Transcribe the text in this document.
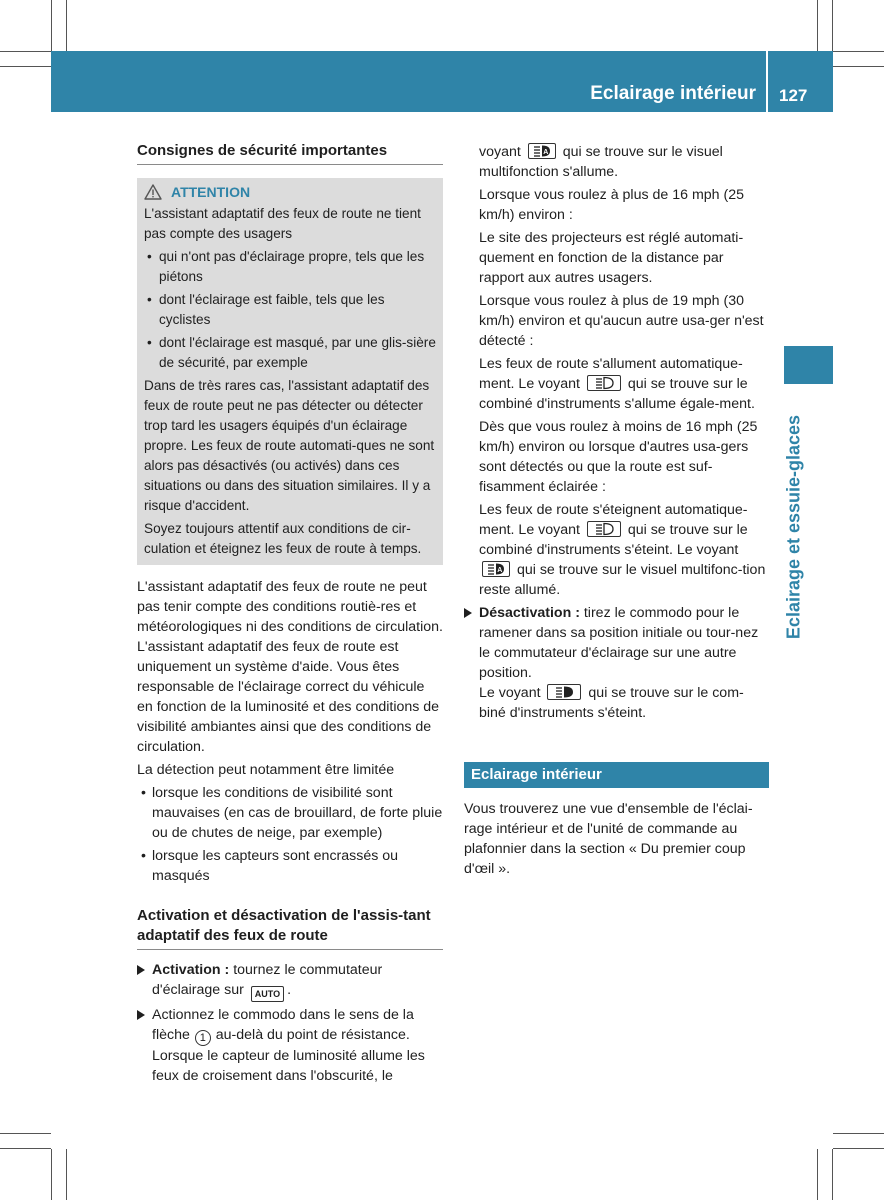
Eclairage intérieur 127
Eclairage et essuie-glaces
Consignes de sécurité importantes
ATTENTION
L'assistant adaptatif des feux de route ne tient pas compte des usagers
• qui n'ont pas d'éclairage propre, tels que les piétons
• dont l'éclairage est faible, tels que les cyclistes
• dont l'éclairage est masqué, par une glis-sière de sécurité, par exemple
Dans de très rares cas, l'assistant adaptatif des feux de route peut ne pas détecter ou détecter trop tard les usagers équipés d'un éclairage propre. Les feux de route automati-ques ne sont alors pas désactivés (ou activés) dans ces situations ou dans des situation similaires. Il y a risque d'accident.
Soyez toujours attentif aux conditions de cir-culation et éteignez les feux de route à temps.
L'assistant adaptatif des feux de route ne peut pas tenir compte des conditions routiè-res et météorologiques ni des conditions de circulation. L'assistant adaptatif des feux de route est uniquement un système d'aide. Vous êtes responsable de l'éclairage correct du véhicule en fonction de la luminosité et des conditions de visibilité ambiantes ainsi que des conditions de circulation.
La détection peut notamment être limitée
• lorsque les conditions de visibilité sont mauvaises (en cas de brouillard, de forte pluie ou de chutes de neige, par exemple)
• lorsque les capteurs sont encrassés ou masqués
Activation et désactivation de l'assis-tant adaptatif des feux de route
Activation : tournez le commutateur d'éclairage sur AUTO .
Actionnez le commodo dans le sens de la flèche 1 au-delà du point de résistance.
Lorsque le capteur de luminosité allume les feux de croisement dans l'obscurité, le
voyant	A qui se trouve sur le visuel multifonction s'allume.
Lorsque vous roulez à plus de 16 mph (25 km/h) environ :
Le site des projecteurs est réglé automati-quement en fonction de la distance par rapport aux autres usagers.
Lorsque vous roulez à plus de 19 mph (30 km/h) environ et qu'aucun autre usa-ger n'est détecté :
Les feux de route s'allument automatique-ment. Le voyant	qui se trouve sur le combiné d'instruments s'allume égale-ment.
Dès que vous roulez à moins de 16 mph (25 km/h) environ ou lorsque d'autres usa-gers sont détectés ou que la route est suf-fisamment éclairée :
Les feux de route s'éteignent automatique-ment. Le voyant	qui se trouve sur le combiné d'instruments s'éteint. Le voyant
A qui se trouve sur le visuel multifonc-tion reste allumé.
Désactivation : tirez le commodo pour le ramener dans sa position initiale ou tour-nez le commutateur d'éclairage sur une autre position.
Le voyant	qui se trouve sur le com-biné d'instruments s'éteint.
Eclairage intérieur
Vous trouverez une vue d'ensemble de l'éclai-rage intérieur et de l'unité de commande au plafonnier dans la section « Du premier coup d'œil ».
